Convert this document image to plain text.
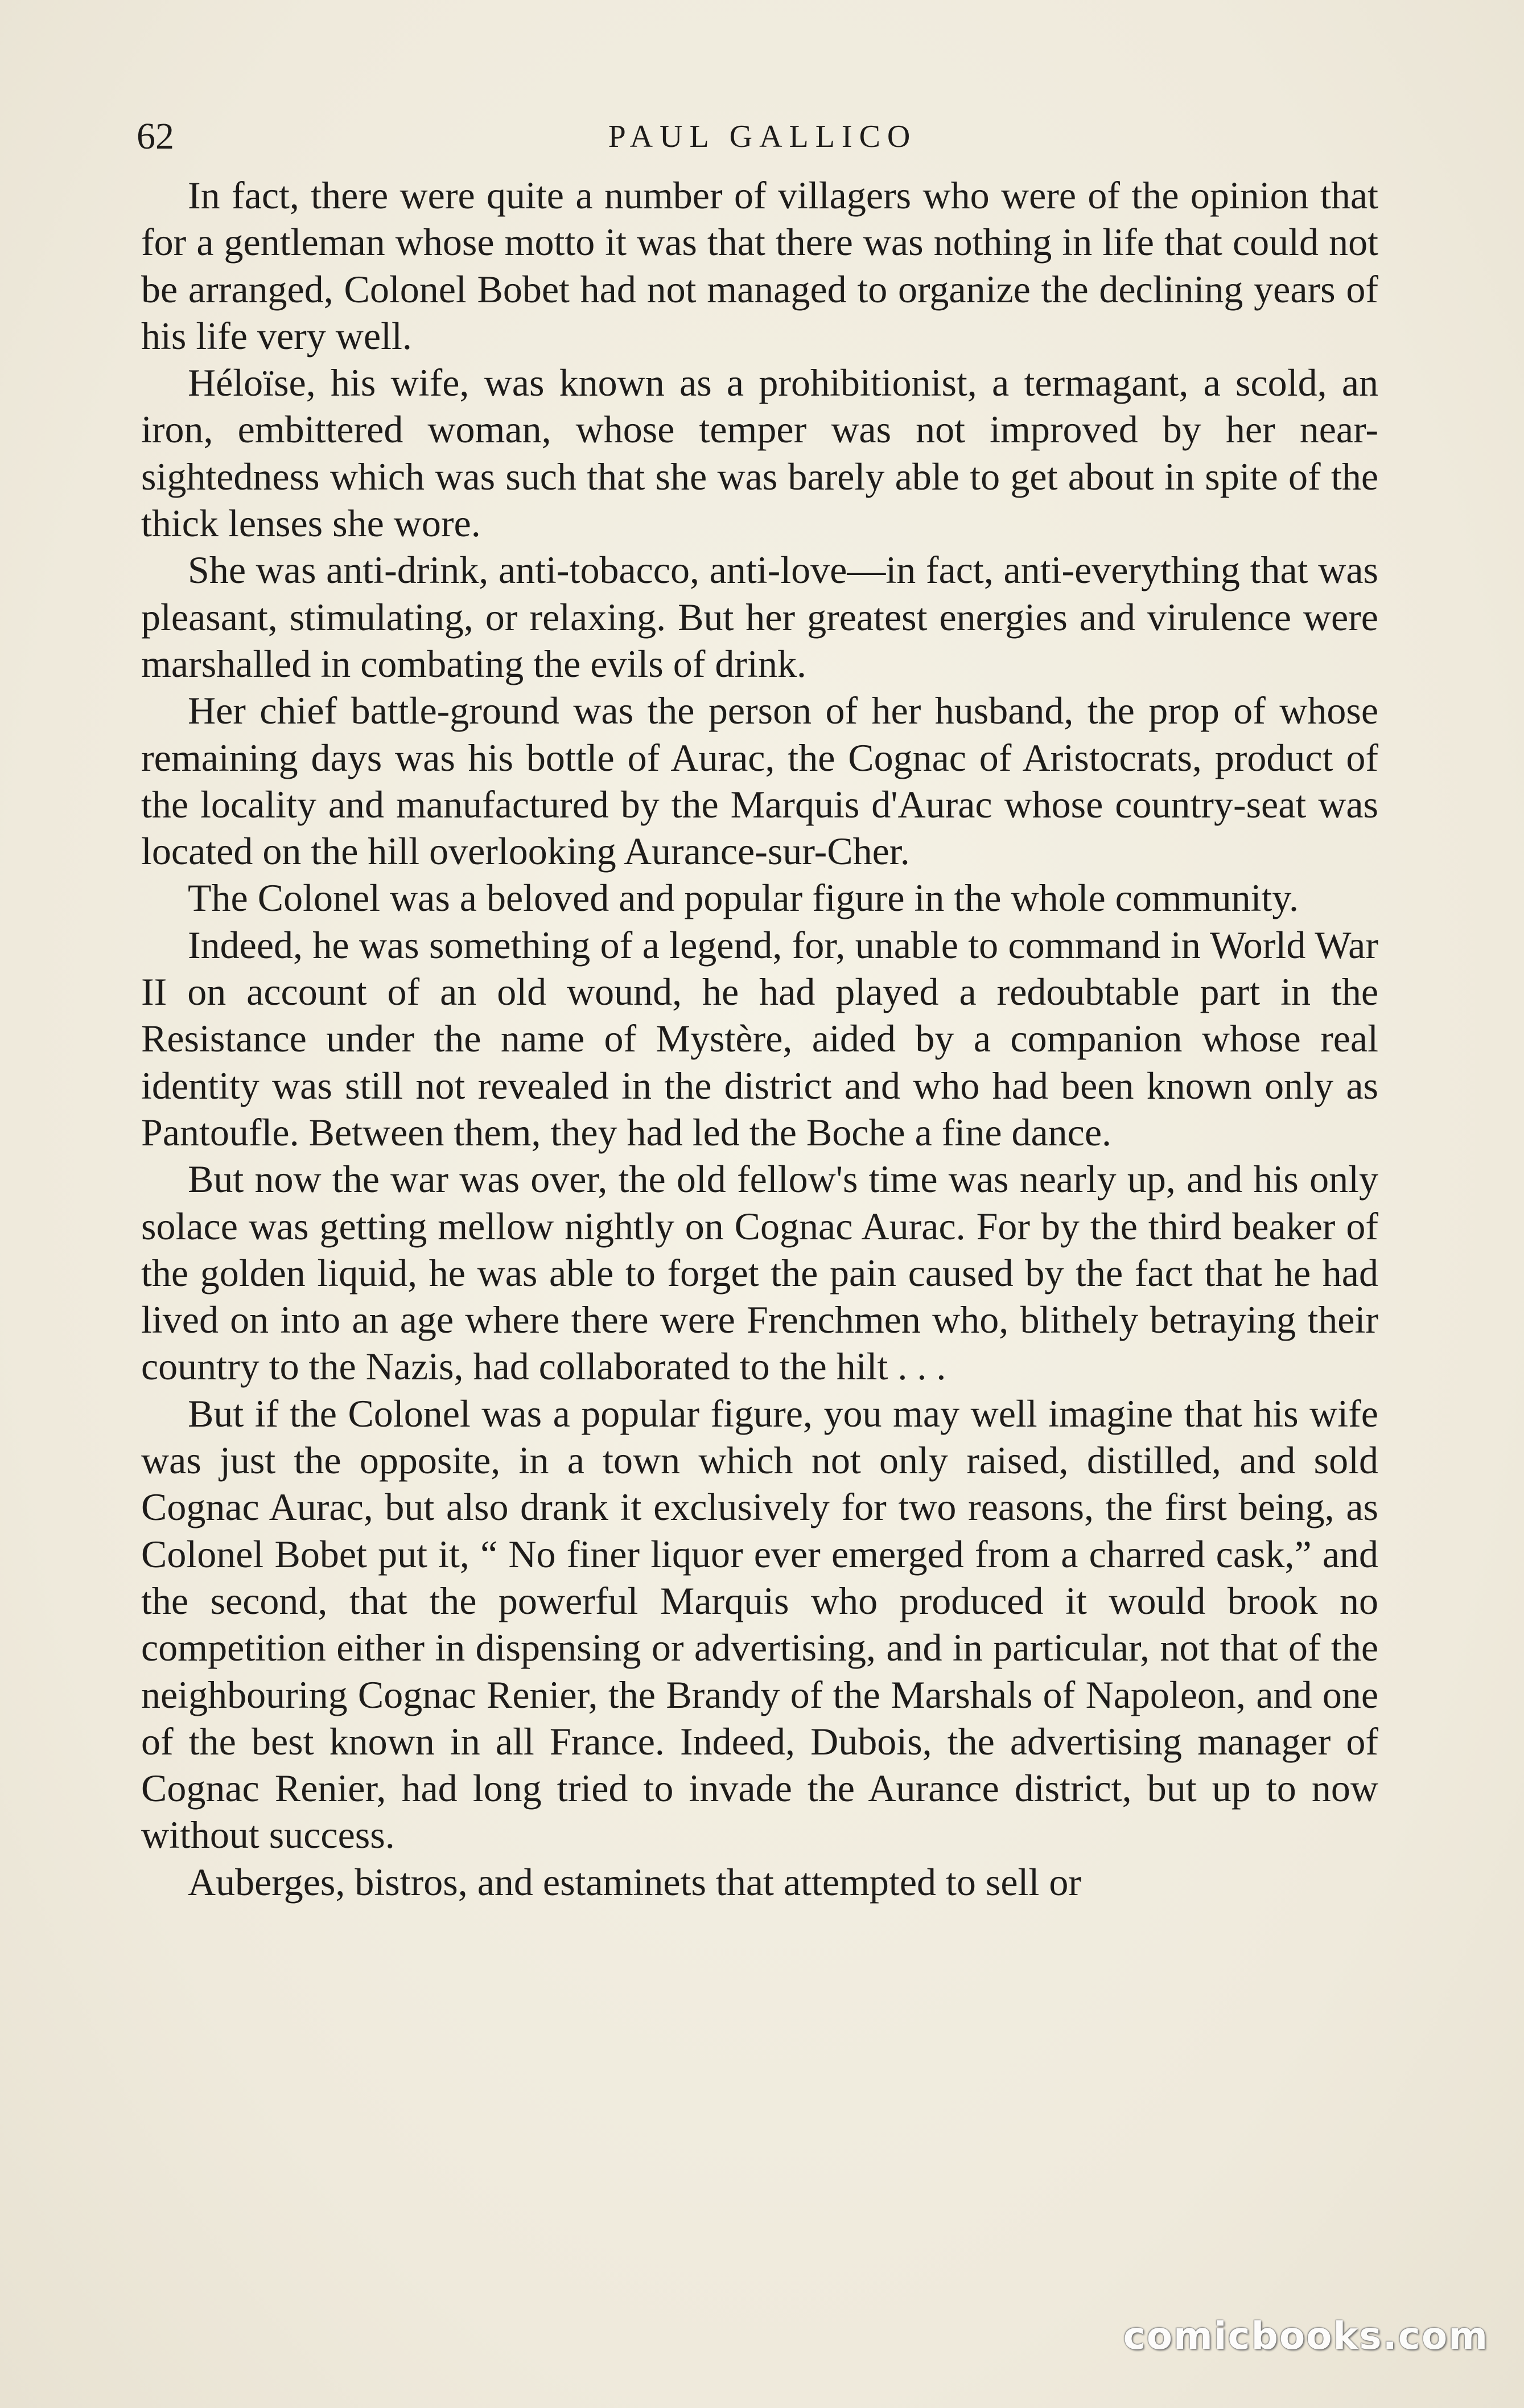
62	PAUL GALLICO

In fact, there were quite a number of villagers who were of the opinion that for a gentleman whose motto it was that there was nothing in life that could not be arranged, Colonel Bobet had not managed to organize the declining years of his life very well.

Héloïse, his wife, was known as a prohibitionist, a termagant, a scold, an iron, embittered woman, whose temper was not improved by her near-sightedness which was such that she was barely able to get about in spite of the thick lenses she wore.

She was anti-drink, anti-tobacco, anti-love—in fact, anti-everything that was pleasant, stimulating, or relaxing. But her greatest energies and virulence were marshalled in combating the evils of drink.

Her chief battle-ground was the person of her husband, the prop of whose remaining days was his bottle of Aurac, the Cognac of Aristocrats, product of the locality and manufactured by the Marquis d'Aurac whose country-seat was located on the hill overlooking Aurance-sur-Cher.

The Colonel was a beloved and popular figure in the whole community.

Indeed, he was something of a legend, for, unable to command in World War II on account of an old wound, he had played a redoubtable part in the Resistance under the name of Mystère, aided by a companion whose real identity was still not revealed in the district and who had been known only as Pantoufle. Between them, they had led the Boche a fine dance.

But now the war was over, the old fellow's time was nearly up, and his only solace was getting mellow nightly on Cognac Aurac. For by the third beaker of the golden liquid, he was able to forget the pain caused by the fact that he had lived on into an age where there were Frenchmen who, blithely betraying their country to the Nazis, had collaborated to the hilt . . .

But if the Colonel was a popular figure, you may well imagine that his wife was just the opposite, in a town which not only raised, distilled, and sold Cognac Aurac, but also drank it exclusively for two reasons, the first being, as Colonel Bobet put it, “ No finer liquor ever emerged from a charred cask,” and the second, that the powerful Marquis who produced it would brook no competition either in dispensing or advertising, and in particular, not that of the neighbouring Cognac Renier, the Brandy of the Marshals of Napoleon, and one of the best known in all France. Indeed, Dubois, the advertising manager of Cognac Renier, had long tried to invade the Aurance district, but up to now without success.

Auberges, bistros, and estaminets that attempted to sell or

comicbooks.com
